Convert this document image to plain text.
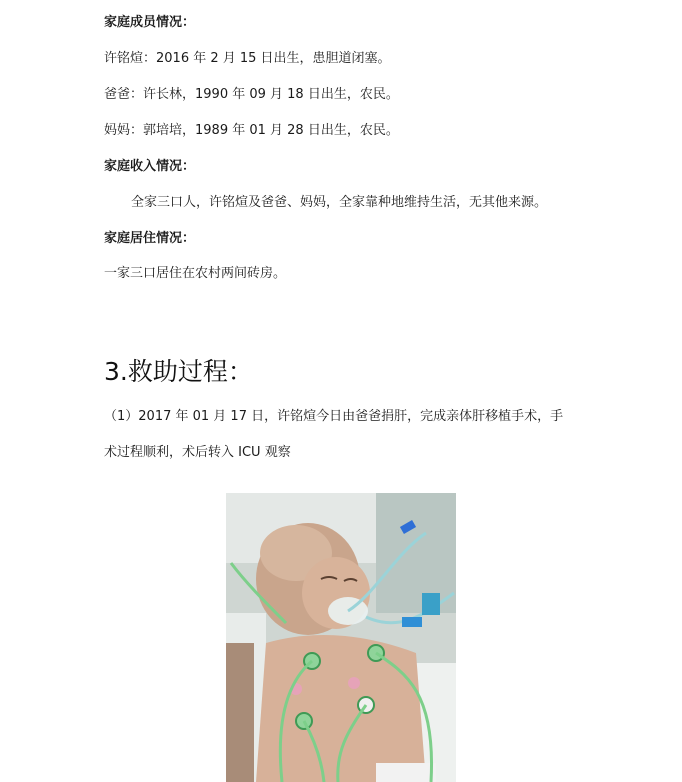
家庭成员情况：
许铭煊：2016 年 2 月 15 日出生，患胆道闭塞。
爸爸：许长林，1990 年 09 月 18 日出生，农民。
妈妈：郭培培，1989 年 01 月 28 日出生，农民。
家庭收入情况：
全家三口人，许铭煊及爸爸、妈妈，全家靠种地维持生活，无其他来源。
家庭居住情况：
一家三口居住在农村两间砖房。
3.救助过程：
（1）2017 年 01 月 17 日，许铭煊今日由爸爸捐肝，完成亲体肝移植手术，手
术过程顺利，术后转入 ICU 观察
